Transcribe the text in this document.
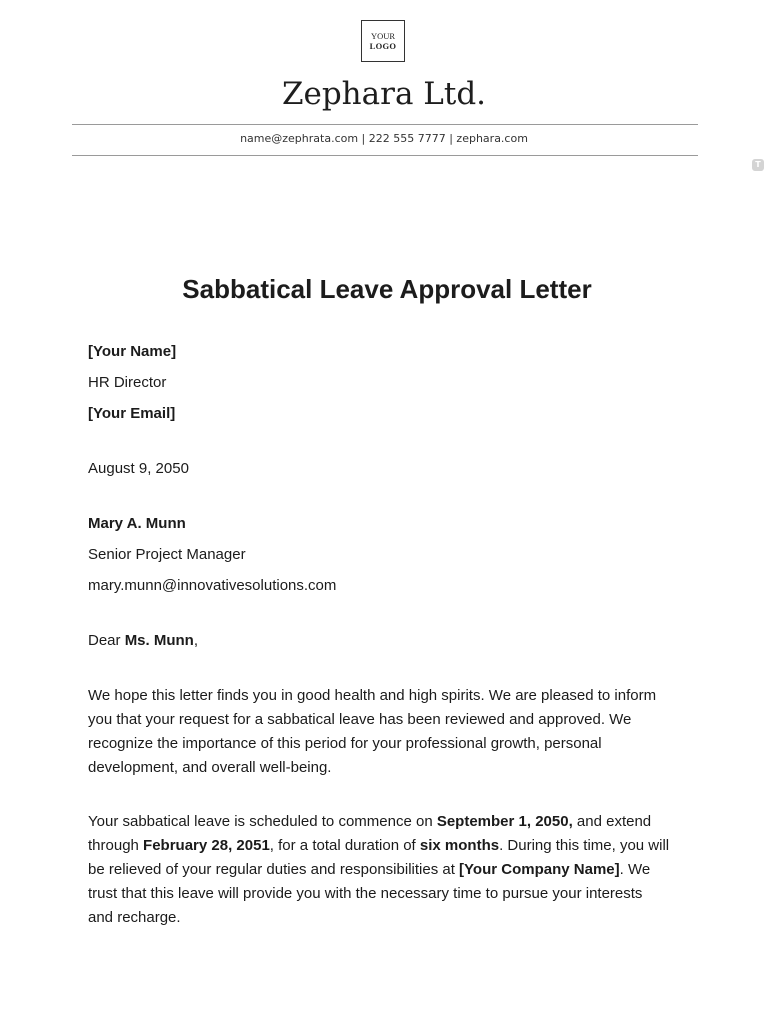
YOUR
LOGO
Zephara Ltd.
name@zephrata.com | 222 555 7777 | zephara.com
T
Sabbatical Leave Approval Letter
[Your Name]
HR Director
[Your Email]
August 9, 2050
Mary A. Munn
Senior Project Manager
mary.munn@innovativesolutions.com
Dear Ms. Munn,
We hope this letter finds you in good health and high spirits. We are pleased to inform
you that your request for a sabbatical leave has been reviewed and approved. We
recognize the importance of this period for your professional growth, personal
development, and overall well-being.
Your sabbatical leave is scheduled to commence on September 1, 2050, and extend
through February 28, 2051, for a total duration of six months. During this time, you will
be relieved of your regular duties and responsibilities at [Your Company Name]. We
trust that this leave will provide you with the necessary time to pursue your interests
and recharge.
